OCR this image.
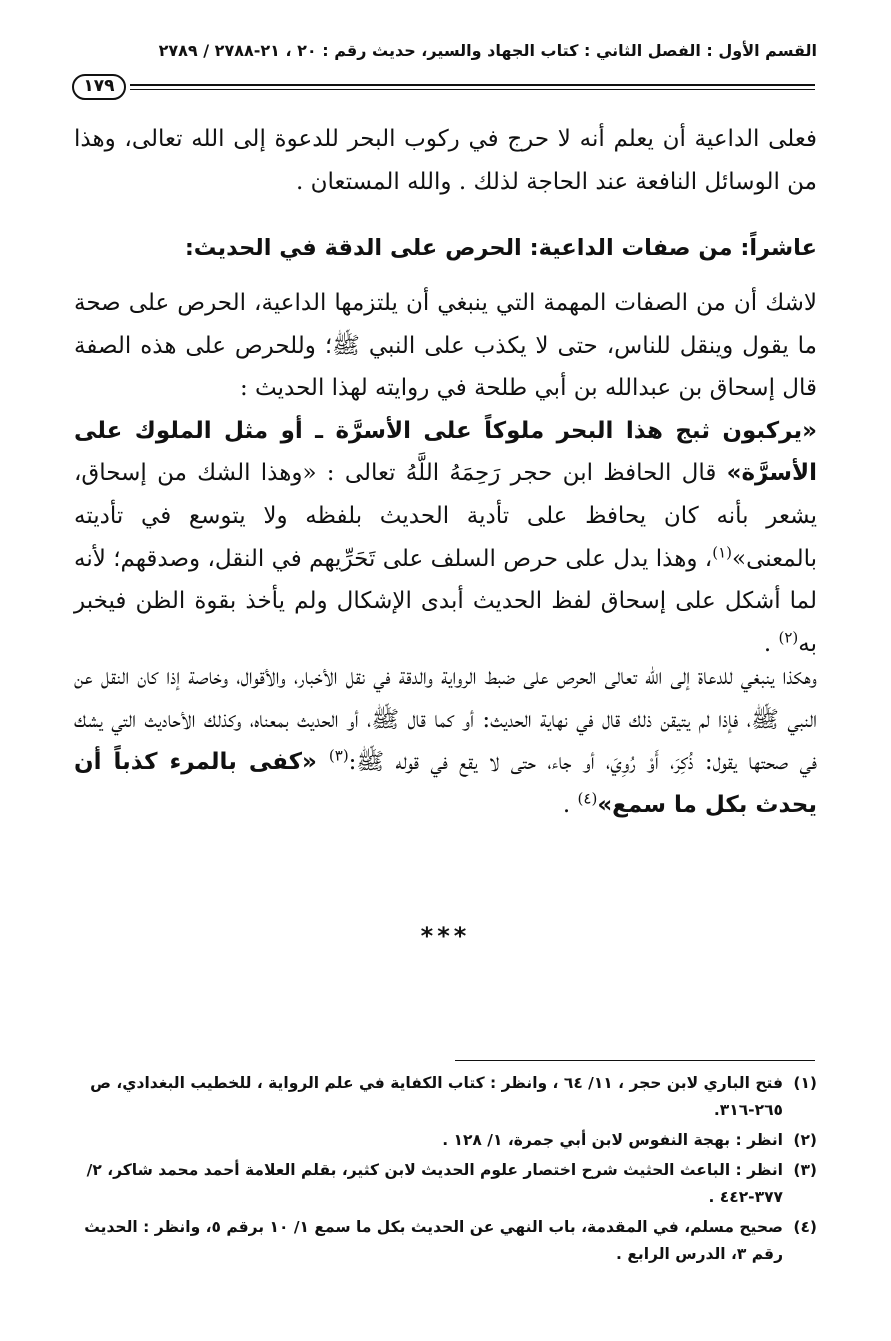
القسم الأول : الفصل الثاني : كتاب الجهاد والسير، حديث رقم : ٢٠ ، ٢١-٢٧٨٨ / ٢٧٨٩
١٧٩

فعلى الداعية أن يعلم أنه لا حرج في ركوب البحر للدعوة إلى الله تعالى، وهذا من الوسائل النافعة عند الحاجة لذلك . والله المستعان .

عاشراً: من صفات الداعية: الحرص على الدقة في الحديث:

لاشك أن من الصفات المهمة التي ينبغي أن يلتزمها الداعية، الحرص على صحة ما يقول وينقل للناس، حتى لا يكذب على النبي ﷺ؛ وللحرص على هذه الصفة قال إسحاق بن عبدالله بن أبي طلحة في روايته لهذا الحديث :
«يركبون ثبج هذا البحر ملوكاً على الأسرَّة ـ أو مثل الملوك على الأسرَّة» قال الحافظ ابن حجر رَحِمَهُ اللَّهُ تعالى : «وهذا الشك من إسحاق، يشعر بأنه كان يحافظ على تأدية الحديث بلفظه ولا يتوسع في تأديته بالمعنى»$^{(١)}$، وهذا يدل على حرص السلف على تَحَرِّيهم في النقل، وصدقهم؛ لأنه لما أشكل على إسحاق لفظ الحديث أبدى الإشكال ولم يأخذ بقوة الظن فيخبر به$^{(٢)}$ .

وهكذا ينبغي للدعاة إلى الله تعالى الحرص على ضبط الرواية والدقة في نقل الأخبار، والأقوال، وخاصة إذا كان النقل عن النبي ﷺ، فإذا لم يتيقن ذلك قال في نهاية الحديث: أو كما قال ﷺ، أو الحديث بمعناه، وكذلك الأحاديث التي يشك في صحتها يقول: ذُكِرَ، أَوْ رُوِيَ، أو جاء، حتى لا يقع في قوله ﷺ:$^{(٣)}$ «كفى بالمرء كذباً أن يحدث بكل ما سمع»$^{(٤)}$ .

***
(١)
فتح الباري لابن حجر ، ١١/ ٦٤ ، وانظر : كتاب الكفاية في علم الرواية ، للخطيب البغدادي، ص ٢٦٥-٣١٦.
(٢)
انظر : بهجة النفوس لابن أبي جمرة، ١/ ١٢٨ .
(٣)
انظر : الباعث الحثيث شرح اختصار علوم الحديث لابن كثير، بقلم العلامة أحمد محمد شاكر، ٢/ ٣٧٧-٤٤٢ .
(٤)
صحيح مسلم، في المقدمة، باب النهي عن الحديث بكل ما سمع ١/ ١٠ برقم ٥، وانظر : الحديث رقم ٣، الدرس الرابع .
